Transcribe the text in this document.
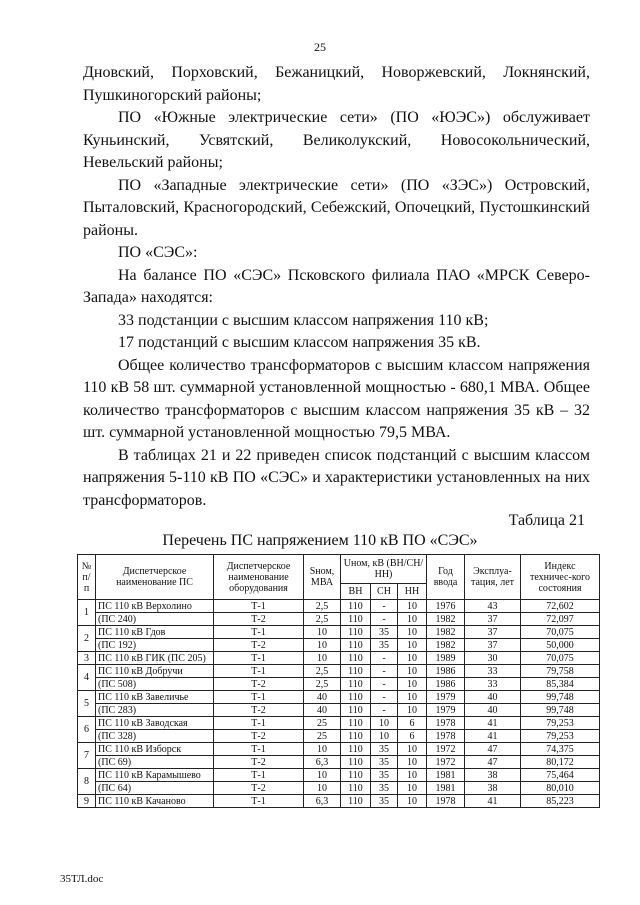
25

Дновский, Порховский, Бежаницкий, Новоржевский, Локнянский, Пушкиногорский районы;

ПО «Южные электрические сети» (ПО «ЮЭС») обслуживает Куньинский, Усвятский, Великолукский, Новосокольнический, Невельский районы;

ПО «Западные электрические сети» (ПО «ЗЭС») Островский, Пыталовский, Красногородский, Себежский, Опочецкий, Пустошкинский районы.

ПО «СЭС»:

На балансе ПО «СЭС» Псковского филиала ПАО «МРСК Северо-Запада» находятся:

33 подстанции с высшим классом напряжения 110 кВ;

17 подстанций с высшим классом напряжения 35 кВ.

Общее количество трансформаторов с высшим классом напряжения 110 кВ 58 шт. суммарной установленной мощностью - 680,1 МВА. Общее количество трансформаторов с высшим классом напряжения 35 кВ – 32 шт. суммарной установленной мощностью 79,5 МВА.

В таблицах 21 и 22 приведен список подстанций с высшим классом напряжения 5-110 кВ ПО «СЭС» и характеристики установленных на них трансформаторов.

Таблица 21
Перечень ПС напряжением 110 кВ ПО «СЭС»
№ п/п	Диспетчерское наименование ПС	Диспетчерское наименование оборудования	Sном, МВА	Uном, кВ (ВН/СН/НН)			Год ввода	Эксплуа-тация, лет	Индекс техничес-кого состояния
				ВН	СН	НН			
1	ПС 110 кВ Верхолино	Т-1	2,5	110	-	10	1976	43	72,602
	(ПС 240)	Т-2	2,5	110	-	10	1982	37	72,097
2	ПС 110 кВ Гдов	Т-1	10	110	35	10	1982	37	70,075
	(ПС 192)	Т-2	10	110	35	10	1982	37	50,000
3	ПС 110 кВ ГИК (ПС 205)	Т-1	10	110	-	10	1989	30	70,075
4	ПС 110 кВ Добручи	Т-1	2,5	110	-	10	1986	33	79,758
	(ПС 508)	Т-2	2,5	110	-	10	1986	33	85,384
5	ПС 110 кВ Завеличье	Т-1	40	110	-	10	1979	40	99,748
	(ПС 283)	Т-2	40	110	-	10	1979	40	99,748
6	ПС 110 кВ Заводская	Т-1	25	110	10	6	1978	41	79,253
	(ПС 328)	Т-2	25	110	10	6	1978	41	79,253
7	ПС 110 кВ Изборск	Т-1	10	110	35	10	1972	47	74,375
	(ПС 69)	Т-2	6,3	110	35	10	1972	47	80,172
8	ПС 110 кВ Карамышево	Т-1	10	110	35	10	1981	38	75,464
	(ПС 64)	Т-2	10	110	35	10	1981	38	80,010
9	ПС 110 кВ Качаново	Т-1	6,3	110	35	10	1978	41	85,223
35ТЛ.doc
